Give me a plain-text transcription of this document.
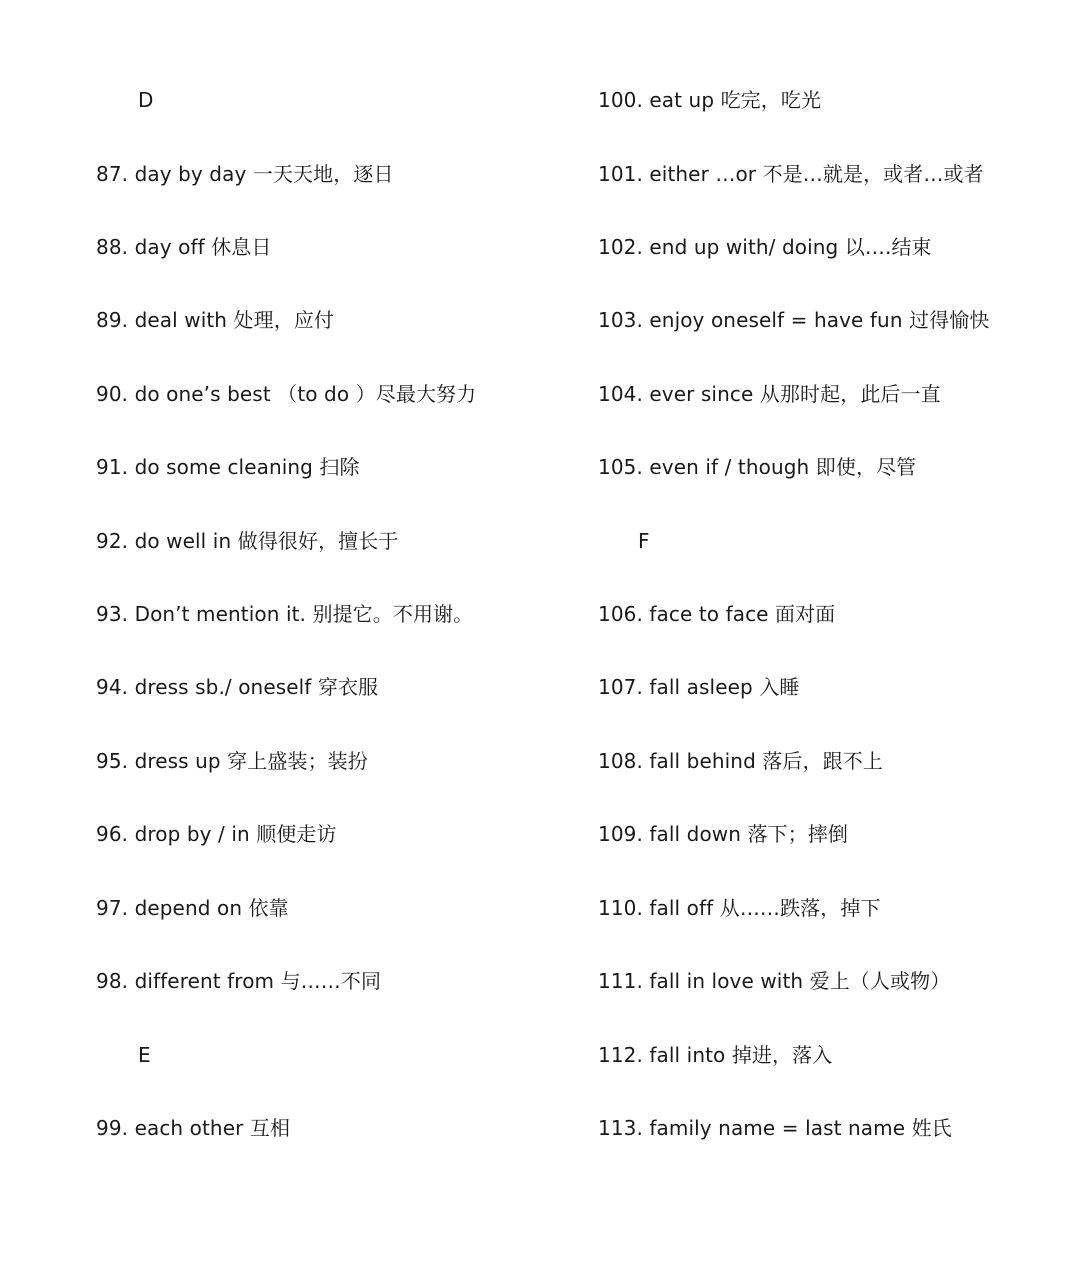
D
87. day by day 一天天地，逐日
88. day off 休息日
89. deal with 处理，应付
90. do one’s best （to do ）尽最大努力
91. do some cleaning 扫除
92. do well in 做得很好，擅长于
93. Don’t mention it. 别提它。不用谢。
94. dress sb./ oneself 穿衣服
95. dress up 穿上盛装；装扮
96. drop by / in 顺便走访
97. depend on 依靠
98. different from 与……不同
E
99. each other 互相
100. eat up 吃完，吃光
101. either …or 不是…就是，或者…或者
102. end up with/ doing 以….结束
103. enjoy oneself = have fun 过得愉快
104. ever since 从那时起，此后一直
105. even if / though 即使，尽管
F
106. face to face 面对面
107. fall asleep 入睡
108. fall behind 落后，跟不上
109. fall down 落下；摔倒
110. fall off 从……跌落，掉下
111. fall in love with 爱上（人或物）
112. fall into 掉进，落入
113. family name = last name 姓氏
